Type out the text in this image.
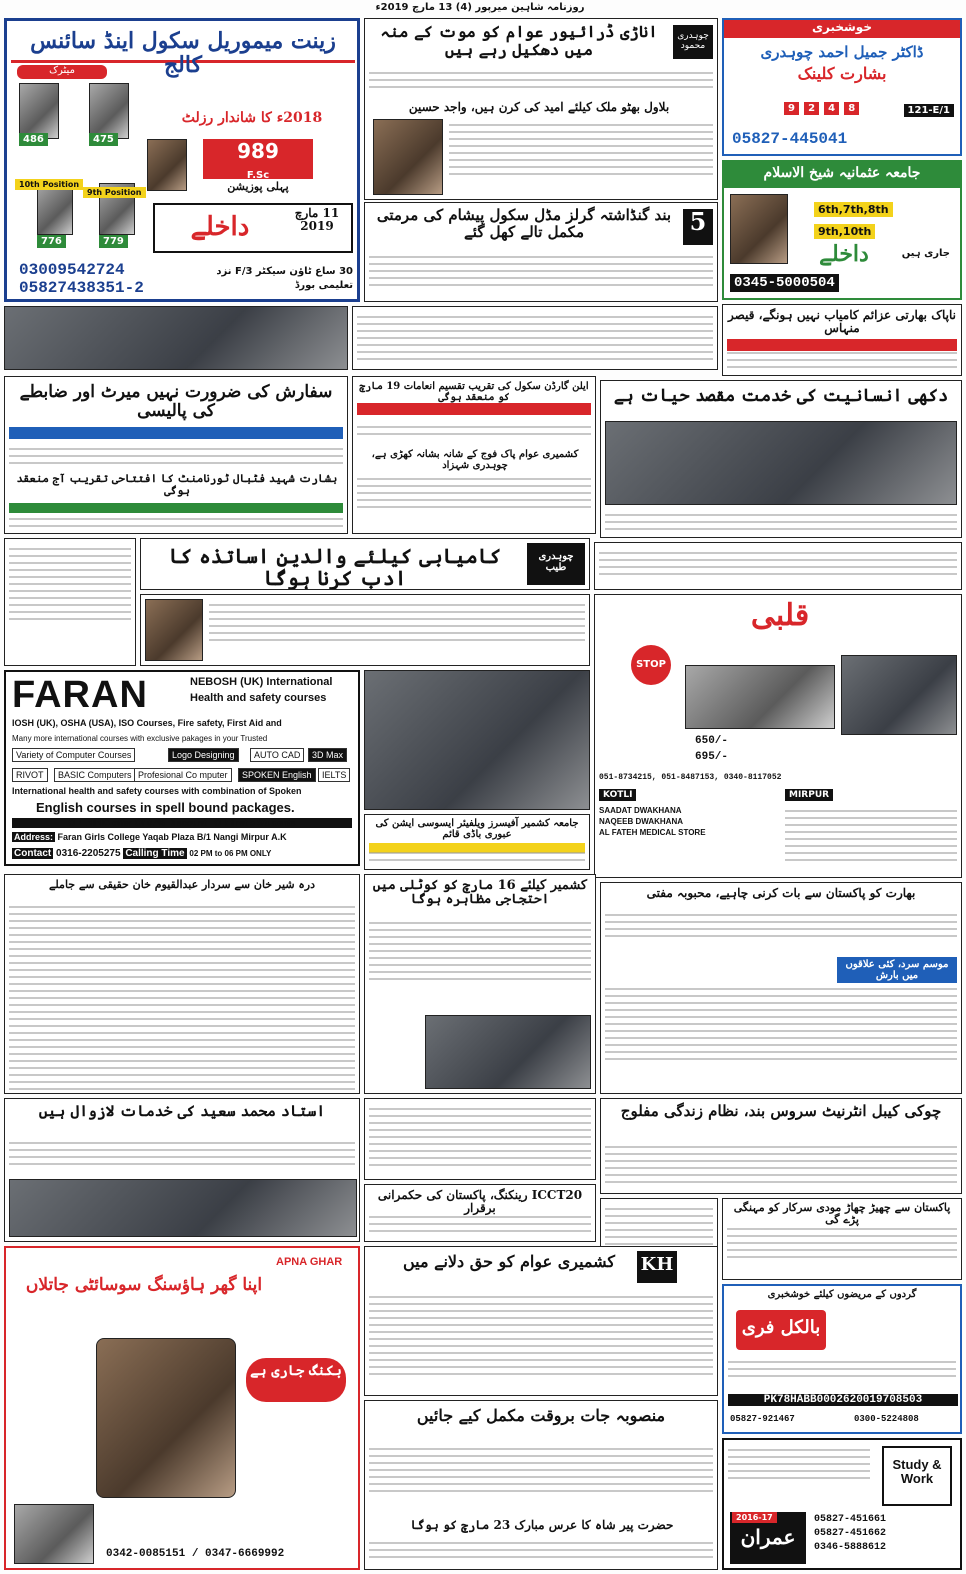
روزنامہ شاہین میرپور (4) 13 مارچ 2019ء
زینت میموریل سکول اینڈ سائنس کالج
میٹرک
486	475
2018ء کا شاندار رزلٹ
989
F.Sc
پہلی پوزیشن
10th Position
9th Position
776	779
11 مارچ 2019
داخلے
03009542724
05827438351-2
30 ساع ٹاؤن سیکٹر F/3 نزد تعلیمی بورڈ
اناڑی ڈرائیور عوام کو موت کے منہ میں دھکیل رہے ہیں
چوہدری محمود
بلاول بھٹو ملک کیلئے امید کی کرن ہیں، واجد حسین
خوشخبری
ڈاکٹر جمیل احمد چوہدری
بشارت کلینک
9 2 4 8	121-E/1
05827-445041
جامعہ عثمانیہ شیخ الاسلام
6th,7th,8th
9th,10th
داخلے	جاری ہیں
0345-5000504
بند گنڈاشتہ گرلز مڈل سکول پیشام کی مرمتی مکمل تالے کھل گئے	5
ناپاک بھارتی عزائم کامیاب نہیں ہونگے، قیصر منہاس
سفارش کی ضرورت نہیں میرٹ اور ضابطے کی پالیسی
بشارت شہید فٹبال ٹورنامنٹ کا افتتاحی تقریب آج منعقد ہوگی
ایلن گارڈن سکول کی تقریب تقسیم انعامات 19 مارچ کو منعقد ہوگی
کشمیری عوام پاک فوج کے شانہ بشانہ کھڑی ہے، چوہدری شہزاد
دکھی انسانیت کی خدمت مقصد حیات ہے
کامیابی کیلئے والدین اساتذہ کا ادب کرنا ہوگا
چوہدری طیب
قلبی
STOP
650/-
695/-
051-8734215, 051-8487153, 0340-8117052
KOTLI	MIRPUR
SAADAT DWAKHANA
NAQEEB DWAKHANA
AL FATEH MEDICAL STORE
FARAN	NEBOSH (UK) International
Health and safety courses
IOSH (UK), OSHA (USA), ISO Courses, Fire safety, First Aid and
Many more international courses with exclusive pakages in your Trusted
Variety of Computer Courses	Logo Designing	AUTO CAD	3D Max
RIVOT	BASIC Computers Profesional Co mputer	SPOKEN English	IELTS
International health and safety courses with combination of Spoken
English courses in spell bound packages.
OPENING offer Of 07% Discount FOR first 5 Students
Address: Faran Girls College Yaqab Plaza B/1 Nangi Mirpur A.K
Contact 0316-2205275 Calling Time 02 PM to 06 PM ONLY
جامعہ کشمیر آفیسرز ویلفیئر ایسوسی ایشن کی عبوری باڈی قائم
درہ شیر خان سے سردار عبدالقیوم خان حقیقی سے جاملے	کشمیر کیلئے 16 مارچ کو کوٹلی میں احتجاجی مظاہرہ ہوگا	بھارت کو پاکستان سے بات کرنی چاہیے، محبوبہ مفتی
موسم سرد، کئی علاقوں میں بارش
استاد محمد سعید کی خدمات لازوال ہیں	چوکی کیبل انٹرنیٹ سروس بند، نظام زندگی مفلوج
پاکستان سے چھیڑ چھاڑ مودی سرکار کو مہنگی پڑے گی
ICCT20 رینکنگ، پاکستان کی حکمرانی برقرار
APNA GHAR
اپنا گھر ہاؤسنگ سوسائٹی جاتلاں
بکنگ جاری ہے
0342-0085151 / 0347-6669992
کشمیری عوام کو حق دلانے میں	KH
منصوبہ جات بروقت مکمل کیے جائیں
حضرت پیر شاہ کا عرس مبارک 23 مارچ کو ہوگا
گردوں کے مریضوں کیلئے خوشخبری
بالکل فری
PK78HABB0002620019708503
05827-921467	0300-5224808
Study & Work
05827-451661
05827-451662
0346-5888612
عمران
2016-17
